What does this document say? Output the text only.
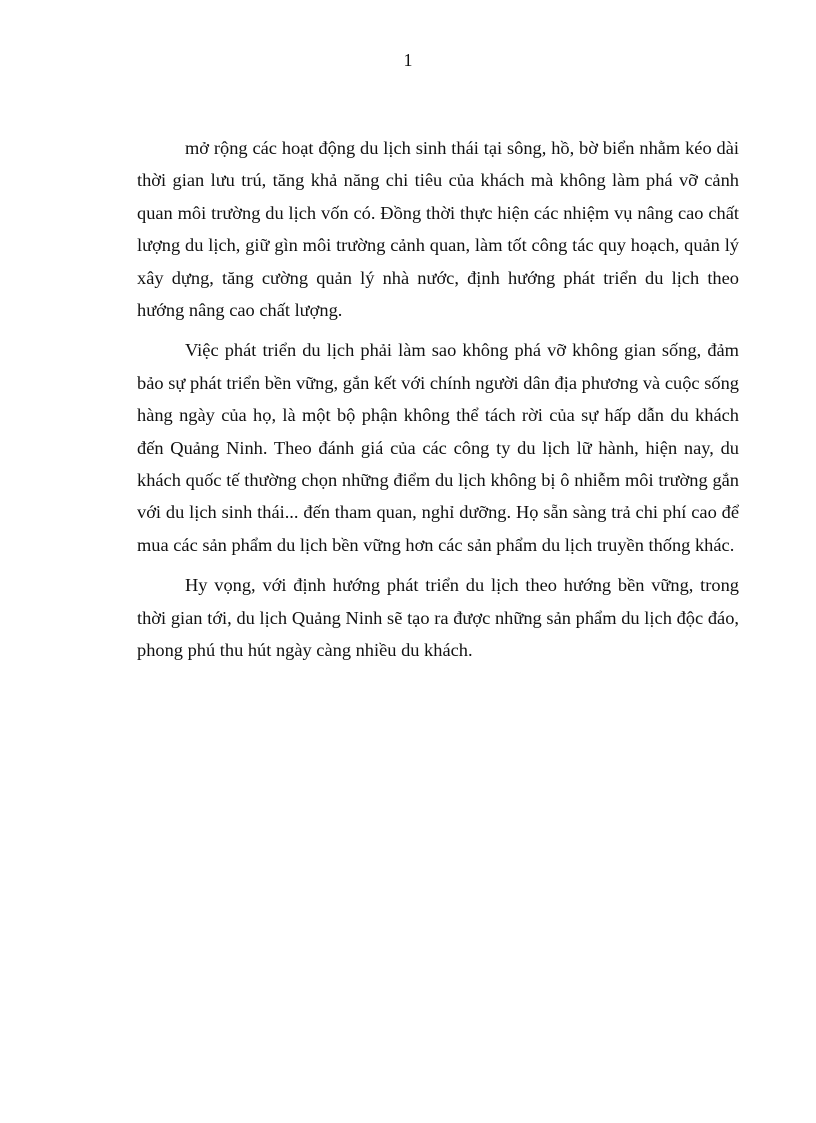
1

mở rộng các hoạt động du lịch sinh thái tại sông, hồ, bờ biển nhằm kéo dài thời gian lưu trú, tăng khả năng chi tiêu của khách mà không làm phá vỡ cảnh quan môi trường du lịch vốn có. Đồng thời thực hiện các nhiệm vụ nâng cao chất lượng du lịch, giữ gìn môi trường cảnh quan, làm tốt công tác quy hoạch, quản lý xây dựng, tăng cường quản lý nhà nước, định hướng phát triển du lịch theo hướng nâng cao chất lượng.

Việc phát triển du lịch phải làm sao không phá vỡ không gian sống, đảm bảo sự phát triển bền vững, gắn kết với chính người dân địa phương và cuộc sống hàng ngày của họ, là một bộ phận không thể tách rời của sự hấp dẫn du khách đến Quảng Ninh. Theo đánh giá của các công ty du lịch lữ hành, hiện nay, du khách quốc tế thường chọn những điểm du lịch không bị ô nhiễm môi trường gắn với du lịch sinh thái... đến tham quan, nghỉ dưỡng. Họ sẵn sàng trả chi phí cao để mua các sản phẩm du lịch bền vững hơn các sản phẩm du lịch truyền thống khác.

Hy vọng, với định hướng phát triển du lịch theo hướng bền vững, trong thời gian tới, du lịch Quảng Ninh sẽ tạo ra được những sản phẩm du lịch độc đáo, phong phú thu hút ngày càng nhiều du khách.
